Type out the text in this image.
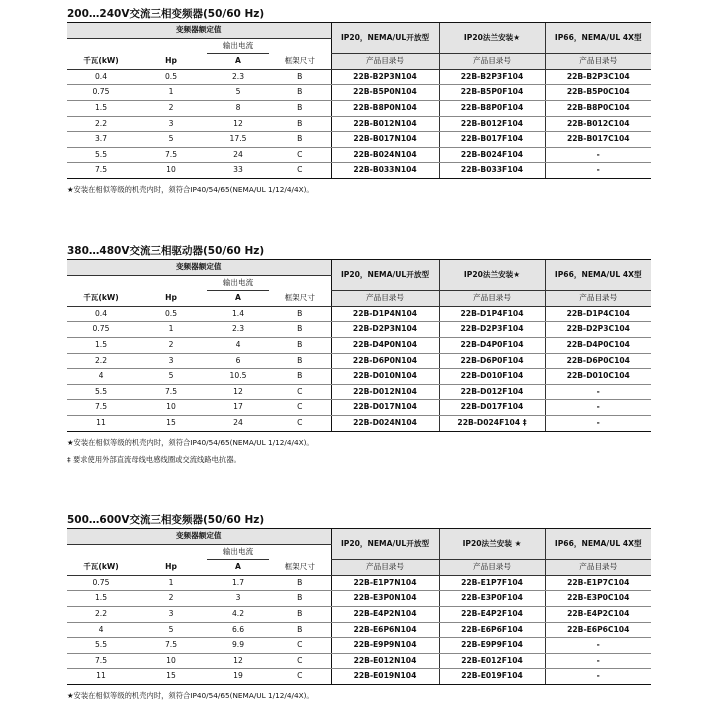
200…240V交流三相变频器(50/60 Hz)
变频器额定值				IP20，NEMA/UL开放型	IP20法兰安装★	IP66，NEMA/UL 4X型
		输出电流				
千瓦(kW)	Hp	A	框架尺寸	产品目录号	产品目录号	产品目录号
0.4	0.5	2.3	B	22B-B2P3N104	22B-B2P3F104	22B-B2P3C104
0.75	1	5	B	22B-B5P0N104	22B-B5P0F104	22B-B5P0C104
1.5	2	8	B	22B-B8P0N104	22B-B8P0F104	22B-B8P0C104
2.2	3	12	B	22B-B012N104	22B-B012F104	22B-B012C104
3.7	5	17.5	B	22B-B017N104	22B-B017F104	22B-B017C104
5.5	7.5	24	C	22B-B024N104	22B-B024F104	-
7.5	10	33	C	22B-B033N104	22B-B033F104	-

★安装在相似等级的机壳内时，须符合IP40/54/65(NEMA/UL 1/12/4/4X)。

380…480V交流三相驱动器(50/60 Hz)
变频器额定值				IP20，NEMA/UL开放型	IP20法兰安装★	IP66，NEMA/UL 4X型
		输出电流				
千瓦(kW)	Hp	A	框架尺寸	产品目录号	产品目录号	产品目录号
0.4	0.5	1.4	B	22B-D1P4N104	22B-D1P4F104	22B-D1P4C104
0.75	1	2.3	B	22B-D2P3N104	22B-D2P3F104	22B-D2P3C104
1.5	2	4	B	22B-D4P0N104	22B-D4P0F104	22B-D4P0C104
2.2	3	6	B	22B-D6P0N104	22B-D6P0F104	22B-D6P0C104
4	5	10.5	B	22B-D010N104	22B-D010F104	22B-D010C104
5.5	7.5	12	C	22B-D012N104	22B-D012F104	-
7.5	10	17	C	22B-D017N104	22B-D017F104	-
11	15	24	C	22B-D024N104	22B-D024F104 ‡	-

★安装在相似等级的机壳内时，须符合IP40/54/65(NEMA/UL 1/12/4/4X)。

‡ 要求使用外部直流母线电感线圈或交流线路电抗器。

500…600V交流三相变频器(50/60 Hz)
变频器额定值				IP20，NEMA/UL开放型	IP20法兰安装 ★	IP66，NEMA/UL 4X型
		输出电流				
千瓦(kW)	Hp	A	框架尺寸	产品目录号	产品目录号	产品目录号
0.75	1	1.7	B	22B-E1P7N104	22B-E1P7F104	22B-E1P7C104
1.5	2	3	B	22B-E3P0N104	22B-E3P0F104	22B-E3P0C104
2.2	3	4.2	B	22B-E4P2N104	22B-E4P2F104	22B-E4P2C104
4	5	6.6	B	22B-E6P6N104	22B-E6P6F104	22B-E6P6C104
5.5	7.5	9.9	C	22B-E9P9N104	22B-E9P9F104	-
7.5	10	12	C	22B-E012N104	22B-E012F104	-
11	15	19	C	22B-E019N104	22B-E019F104	-

★安装在相似等级的机壳内时，须符合IP40/54/65(NEMA/UL 1/12/4/4X)。
